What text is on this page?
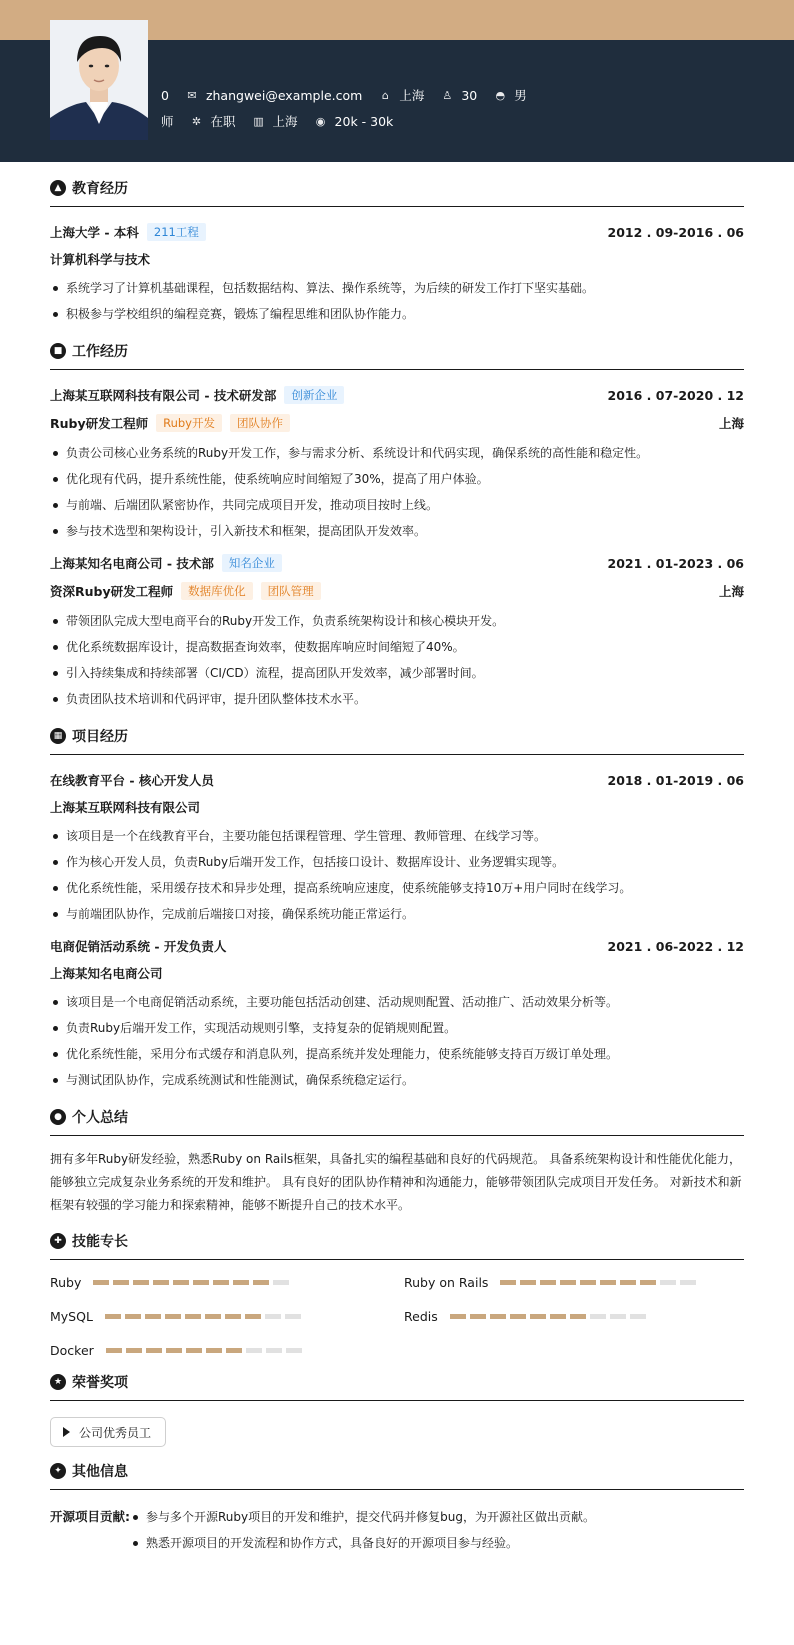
0 ✉ zhangwei@example.com	⌂ 上海 ♙ 30 ◓ 男
师 ✲ 在职 ▥ 上海 ◉ 20k - 30k
▲ 教育经历
上海大学 - 本科	211工程	2012 . 09-2016 . 06
计算机科学与技术
系统学习了计算机基础课程，包括数据结构、算法、操作系统等，为后续的研发工作打下坚实基础。
积极参与学校组织的编程竞赛，锻炼了编程思维和团队协作能力。
■ 工作经历
上海某互联网科技有限公司 - 技术研发部	创新企业	2016 . 07-2020 . 12
Ruby研发工程师	Ruby开发	团队协作	上海
负责公司核心业务系统的Ruby开发工作，参与需求分析、系统设计和代码实现，确保系统的高性能和稳定性。
优化现有代码，提升系统性能，使系统响应时间缩短了30%，提高了用户体验。
与前端、后端团队紧密协作，共同完成项目开发，推动项目按时上线。
参与技术选型和架构设计，引入新技术和框架，提高团队开发效率。
上海某知名电商公司 - 技术部	知名企业	2021 . 01-2023 . 06
资深Ruby研发工程师	数据库优化	团队管理	上海
带领团队完成大型电商平台的Ruby开发工作，负责系统架构设计和核心模块开发。
优化系统数据库设计，提高数据查询效率，使数据库响应时间缩短了40%。
引入持续集成和持续部署（CI/CD）流程，提高团队开发效率，减少部署时间。
负责团队技术培训和代码评审，提升团队整体技术水平。
▦ 项目经历
在线教育平台 - 核心开发人员	2018 . 01-2019 . 06
上海某互联网科技有限公司
该项目是一个在线教育平台，主要功能包括课程管理、学生管理、教师管理、在线学习等。
作为核心开发人员，负责Ruby后端开发工作，包括接口设计、数据库设计、业务逻辑实现等。
优化系统性能，采用缓存技术和异步处理，提高系统响应速度，使系统能够支持10万+用户同时在线学习。
与前端团队协作，完成前后端接口对接，确保系统功能正常运行。
电商促销活动系统 - 开发负责人	2021 . 06-2022 . 12
上海某知名电商公司
该项目是一个电商促销活动系统，主要功能包括活动创建、活动规则配置、活动推广、活动效果分析等。
负责Ruby后端开发工作，实现活动规则引擎，支持复杂的促销规则配置。
优化系统性能，采用分布式缓存和消息队列，提高系统并发处理能力，使系统能够支持百万级订单处理。
与测试团队协作，完成系统测试和性能测试，确保系统稳定运行。
● 个人总结

拥有多年Ruby研发经验，熟悉Ruby on Rails框架，具备扎实的编程基础和良好的代码规范。 具备系统架构设计和性能优化能力，能够独立完成复杂业务系统的开发和维护。 具有良好的团队协作精神和沟通能力，能够带领团队完成项目开发任务。 对新技术和新框架有较强的学习能力和探索精神，能够不断提升自己的技术水平。

✚ 技能专长
Ruby	Ruby on Rails
MySQL	Redis
Docker
★ 荣誉奖项
公司优秀员工
✦ 其他信息
开源项目贡献:	参与多个开源Ruby项目的开发和维护，提交代码并修复bug，为开源社区做出贡献。
熟悉开源项目的开发流程和协作方式，具备良好的开源项目参与经验。
